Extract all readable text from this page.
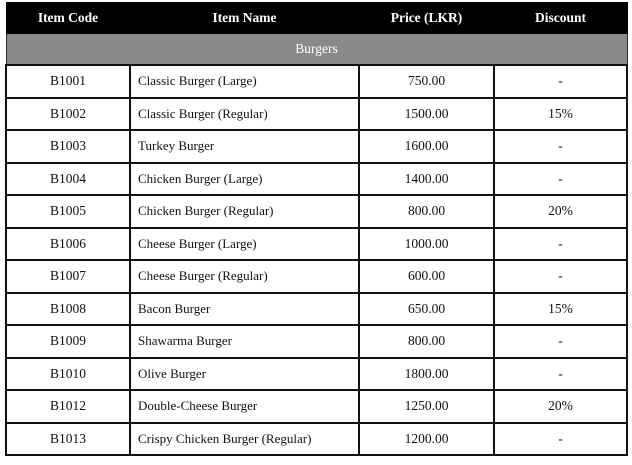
Item Code	Item Name	Price (LKR)	Discount
Burgers			
B1001	Classic Burger (Large)	750.00	-
B1002	Classic Burger (Regular)	1500.00	15%
B1003	Turkey Burger	1600.00	-
B1004	Chicken Burger (Large)	1400.00	-
B1005	Chicken Burger (Regular)	800.00	20%
B1006	Cheese Burger (Large)	1000.00	-
B1007	Cheese Burger (Regular)	600.00	-
B1008	Bacon Burger	650.00	15%
B1009	Shawarma Burger	800.00	-
B1010	Olive Burger	1800.00	-
B1012	Double-Cheese Burger	1250.00	20%
B1013	Crispy Chicken Burger (Regular)	1200.00	-
